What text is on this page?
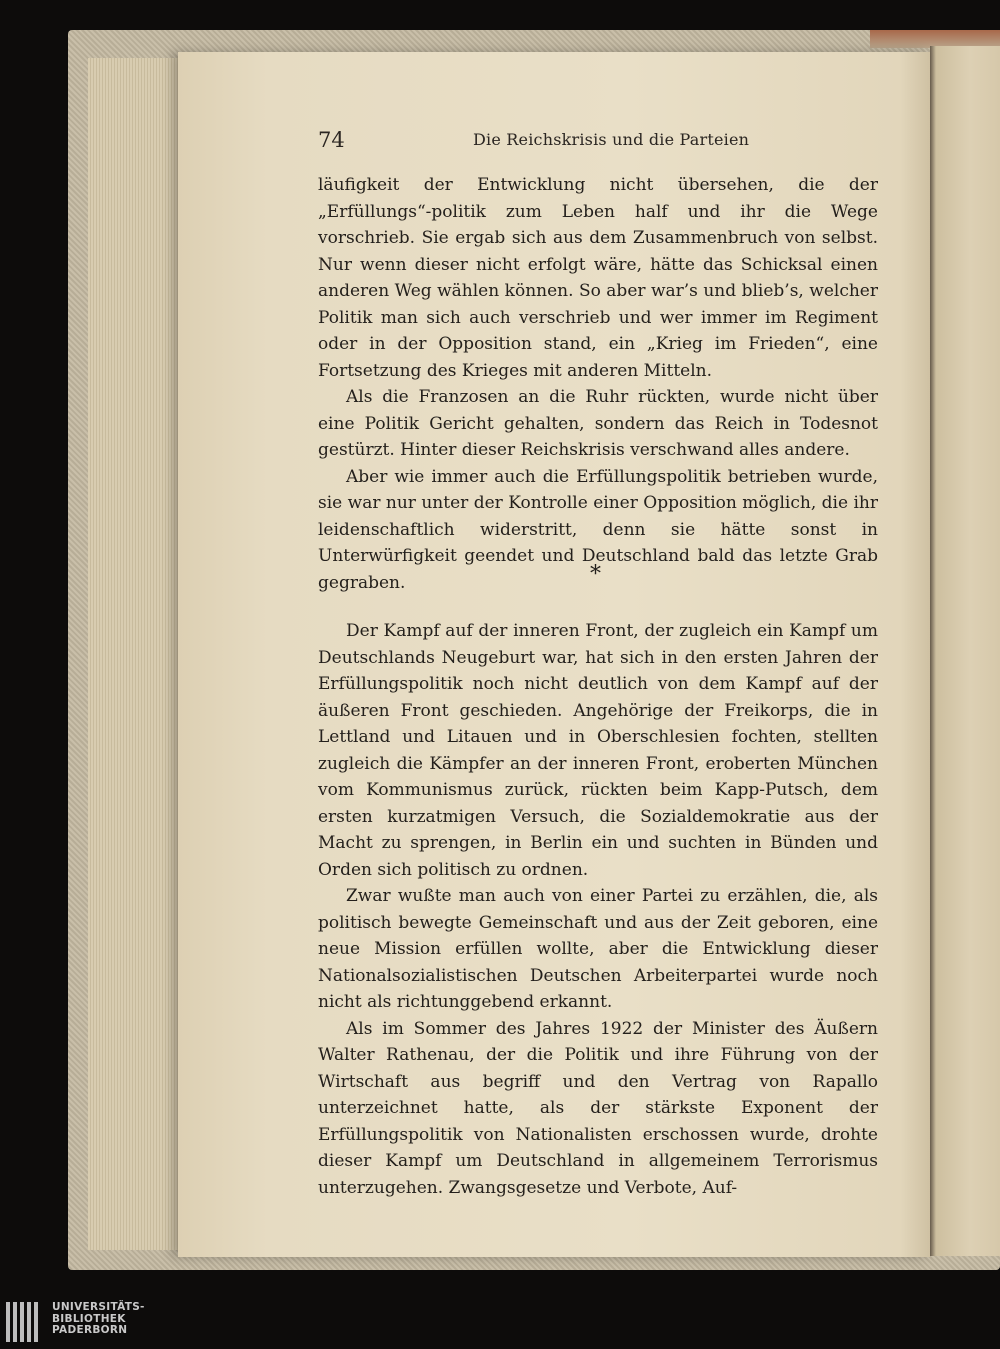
74	Die Reichskrisis und die Parteien

läufigkeit der Entwicklung nicht übersehen, die der „Erfüllungs“-politik zum Leben half und ihr die Wege vorschrieb. Sie ergab sich aus dem Zusammenbruch von selbst. Nur wenn dieser nicht erfolgt wäre, hätte das Schicksal einen anderen Weg wählen können. So aber war’s und blieb’s, welcher Politik man sich auch verschrieb und wer immer im Regiment oder in der Opposition stand, ein „Krieg im Frieden“, eine Fortsetzung des Krieges mit anderen Mitteln.

Als die Franzosen an die Ruhr rückten, wurde nicht über eine Politik Gericht gehalten, sondern das Reich in Todesnot gestürzt. Hinter dieser Reichskrisis verschwand alles andere.

Aber wie immer auch die Erfüllungspolitik betrieben wurde, sie war nur unter der Kontrolle einer Opposition möglich, die ihr leidenschaftlich widerstritt, denn sie hätte sonst in Unterwürfigkeit geendet und Deutschland bald das letzte Grab gegraben.	*

Der Kampf auf der inneren Front, der zugleich ein Kampf um Deutschlands Neugeburt war, hat sich in den ersten Jahren der Erfüllungspolitik noch nicht deutlich von dem Kampf auf der äußeren Front geschieden. Angehörige der Freikorps, die in Lettland und Litauen und in Oberschlesien fochten, stellten zugleich die Kämpfer an der inneren Front, eroberten München vom Kommunismus zurück, rückten beim Kapp-Putsch, dem ersten kurzatmigen Versuch, die Sozialdemokratie aus der Macht zu sprengen, in Berlin ein und suchten in Bünden und Orden sich politisch zu ordnen.

Zwar wußte man auch von einer Partei zu erzählen, die, als politisch bewegte Gemeinschaft und aus der Zeit geboren, eine neue Mission erfüllen wollte, aber die Entwicklung dieser Nationalsozialistischen Deutschen Arbeiterpartei wurde noch nicht als richtunggebend erkannt.

Als im Sommer des Jahres 1922 der Minister des Äußern Walter Rathenau, der die Politik und ihre Führung von der Wirtschaft aus begriff und den Vertrag von Rapallo unterzeichnet hatte, als der stärkste Exponent der Erfüllungspolitik von Nationalisten erschossen wurde, drohte dieser Kampf um Deutschland in allgemeinem Terrorismus unterzugehen. Zwangsgesetze und Verbote, Auf-

UNIVERSITÄTS-
BIBLIOTHEK
PADERBORN
